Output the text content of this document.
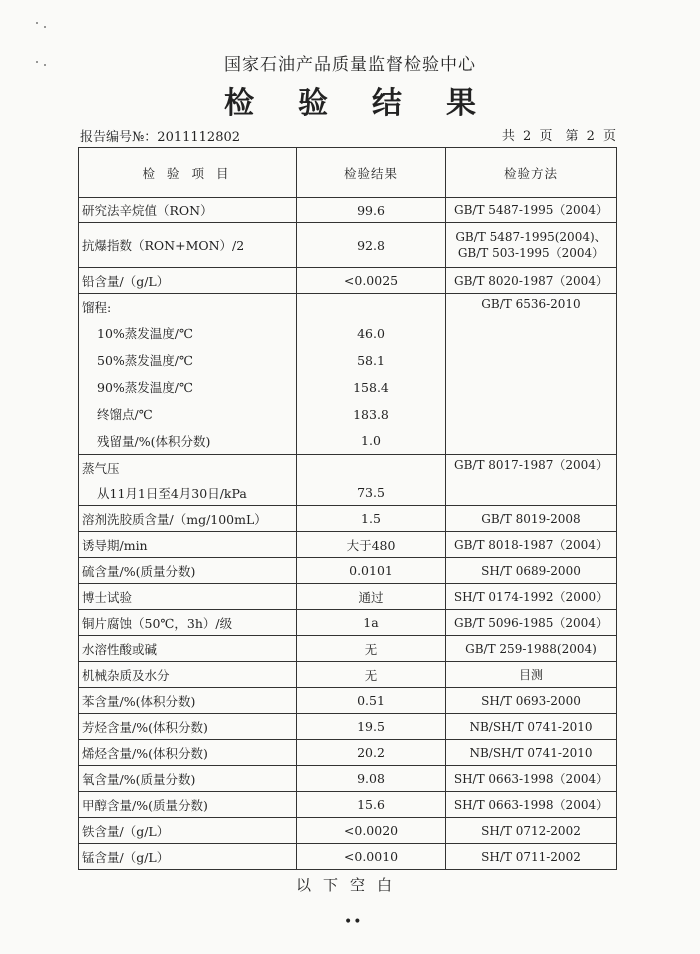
国家石油产品质量监督检验中心
检验结果
报告编号№：2011112802	共 2 页　第 2 页
检 验 项 目	检验结果	检验方法
研究法辛烷值（RON）	99.6	GB/T 5487-1995（2004）
抗爆指数（RON+MON）/2	92.8	GB/T 5487-1995(2004)、
GB/T 503-1995（2004）

铅含量/（g/L）	<0.0025	GB/T 8020-1987（2004）
馏程:		GB/T 6536-2010
10%蒸发温度/℃	46.0	
50%蒸发温度/℃	58.1	
90%蒸发温度/℃	158.4	
终馏点/℃	183.8	
残留量/%(体积分数)	1.0	
蒸气压		GB/T 8017-1987（2004）
从11月1日至4月30日/kPa	73.5	
溶剂洗胶质含量/（mg/100mL）	1.5	GB/T 8019-2008
诱导期/min	大于480	GB/T 8018-1987（2004）
硫含量/%(质量分数)	0.0101	SH/T 0689-2000
博士试验	通过	SH/T 0174-1992（2000）
铜片腐蚀（50℃，3h）/级	1a	GB/T 5096-1985（2004）
水溶性酸或碱	无	GB/T 259-1988(2004)
机械杂质及水分	无	目测
苯含量/%(体积分数)	0.51	SH/T 0693-2000
芳烃含量/%(体积分数)	19.5	NB/SH/T 0741-2010
烯烃含量/%(体积分数)	20.2	NB/SH/T 0741-2010
氧含量/%(质量分数)	9.08	SH/T 0663-1998（2004）
甲醇含量/%(质量分数)	15.6	SH/T 0663-1998（2004）
铁含量/（g/L）	<0.0020	SH/T 0712-2002
锰含量/（g/L）	<0.0010	SH/T 0711-2002
以下空白
••
